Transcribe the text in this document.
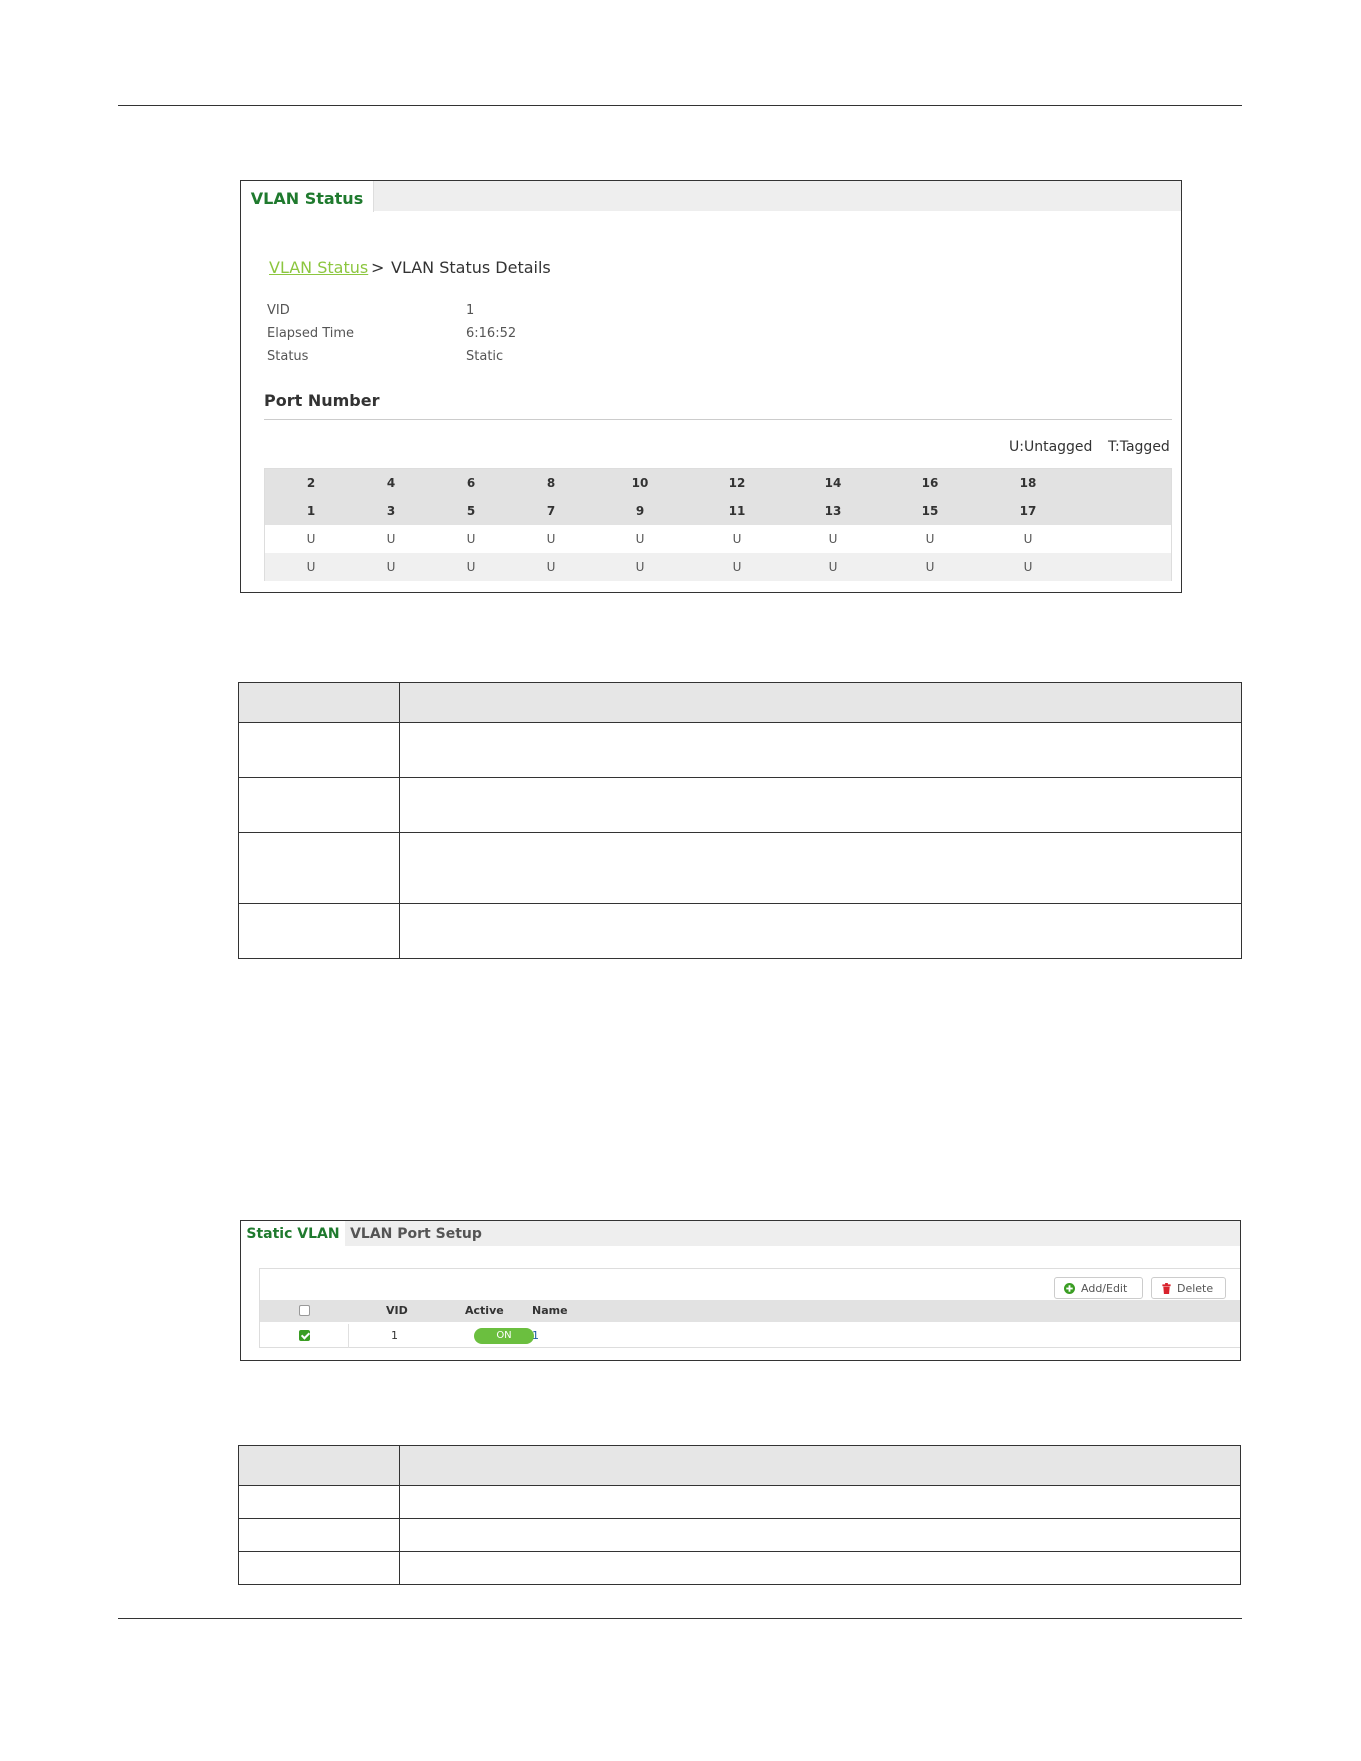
VLAN Status
VLAN Status > VLAN Status Details
VID	1
Elapsed Time	6:16:52
Status	Static
Port Number
U:Untagged T:Tagged
2	4	6	8	10	12	14	16	18
1	3	5	7	9	11	13	15	17
U	U	U	U	U	U	U	U	U
U	U	U	U	U	U	U	U	U

Static VLAN VLAN Port Setup
Add/Edit	Delete
VID	Active	Name
1	ON	1
